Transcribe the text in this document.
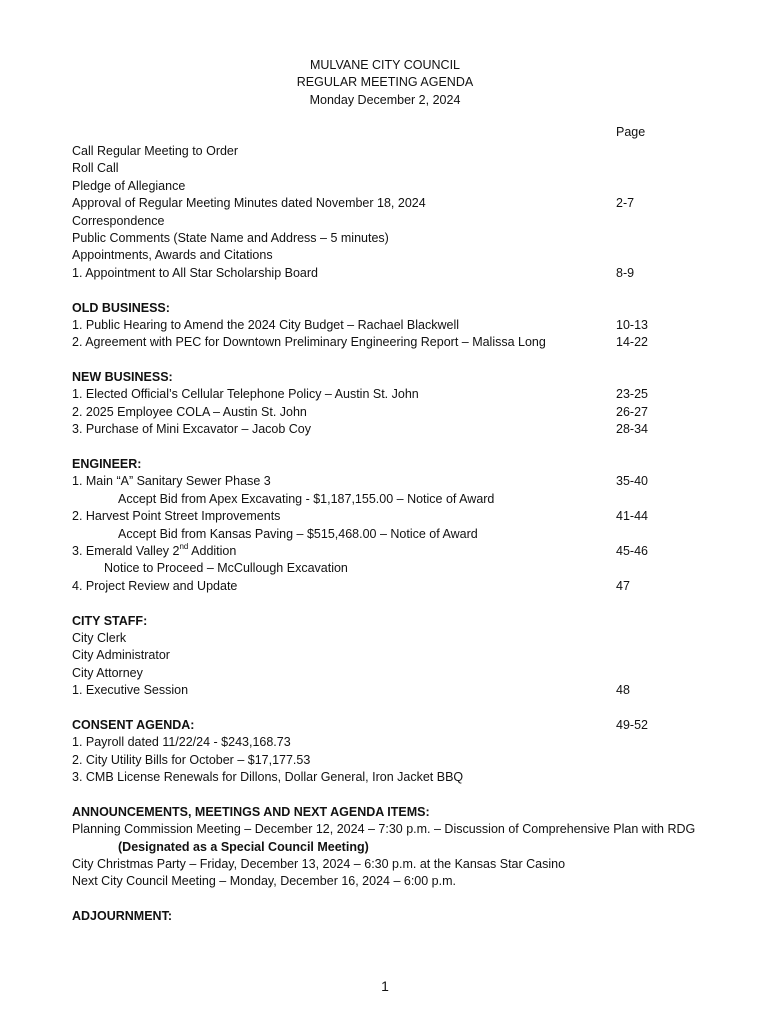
MULVANE CITY COUNCIL
REGULAR MEETING AGENDA
Monday December 2, 2024
Page
Call Regular Meeting to Order
Roll Call
Pledge of Allegiance
Approval of Regular Meeting Minutes dated November 18, 2024	2-7
Correspondence
Public Comments (State Name and Address – 5 minutes)
Appointments, Awards and Citations
1. Appointment to All Star Scholarship Board	8-9
OLD BUSINESS:
1. Public Hearing to Amend the 2024 City Budget – Rachael Blackwell	10-13
2. Agreement with PEC for Downtown Preliminary Engineering Report – Malissa Long	14-22
NEW BUSINESS:
1. Elected Official’s Cellular Telephone Policy – Austin St. John	23-25
2. 2025 Employee COLA – Austin St. John	26-27
3. Purchase of Mini Excavator – Jacob Coy	28-34
ENGINEER:
1. Main “A” Sanitary Sewer Phase 3	35-40
Accept Bid from Apex Excavating - $1,187,155.00 – Notice of Award
2. Harvest Point Street Improvements	41-44
Accept Bid from Kansas Paving – $515,468.00 – Notice of Award
3. Emerald Valley 2nd Addition	45-46
Notice to Proceed – McCullough Excavation
4. Project Review and Update	47
CITY STAFF:
City Clerk
City Administrator
City Attorney
1. Executive Session	48
CONSENT AGENDA:	49-52
1. Payroll dated 11/22/24 - $243,168.73
2. City Utility Bills for October – $17,177.53
3. CMB License Renewals for Dillons, Dollar General, Iron Jacket BBQ
ANNOUNCEMENTS, MEETINGS AND NEXT AGENDA ITEMS:
Planning Commission Meeting – December 12, 2024 – 7:30 p.m. – Discussion of Comprehensive Plan with RDG
(Designated as a Special Council Meeting)
City Christmas Party – Friday, December 13, 2024 – 6:30 p.m. at the Kansas Star Casino
Next City Council Meeting – Monday, December 16, 2024 – 6:00 p.m.
ADJOURNMENT:
1
